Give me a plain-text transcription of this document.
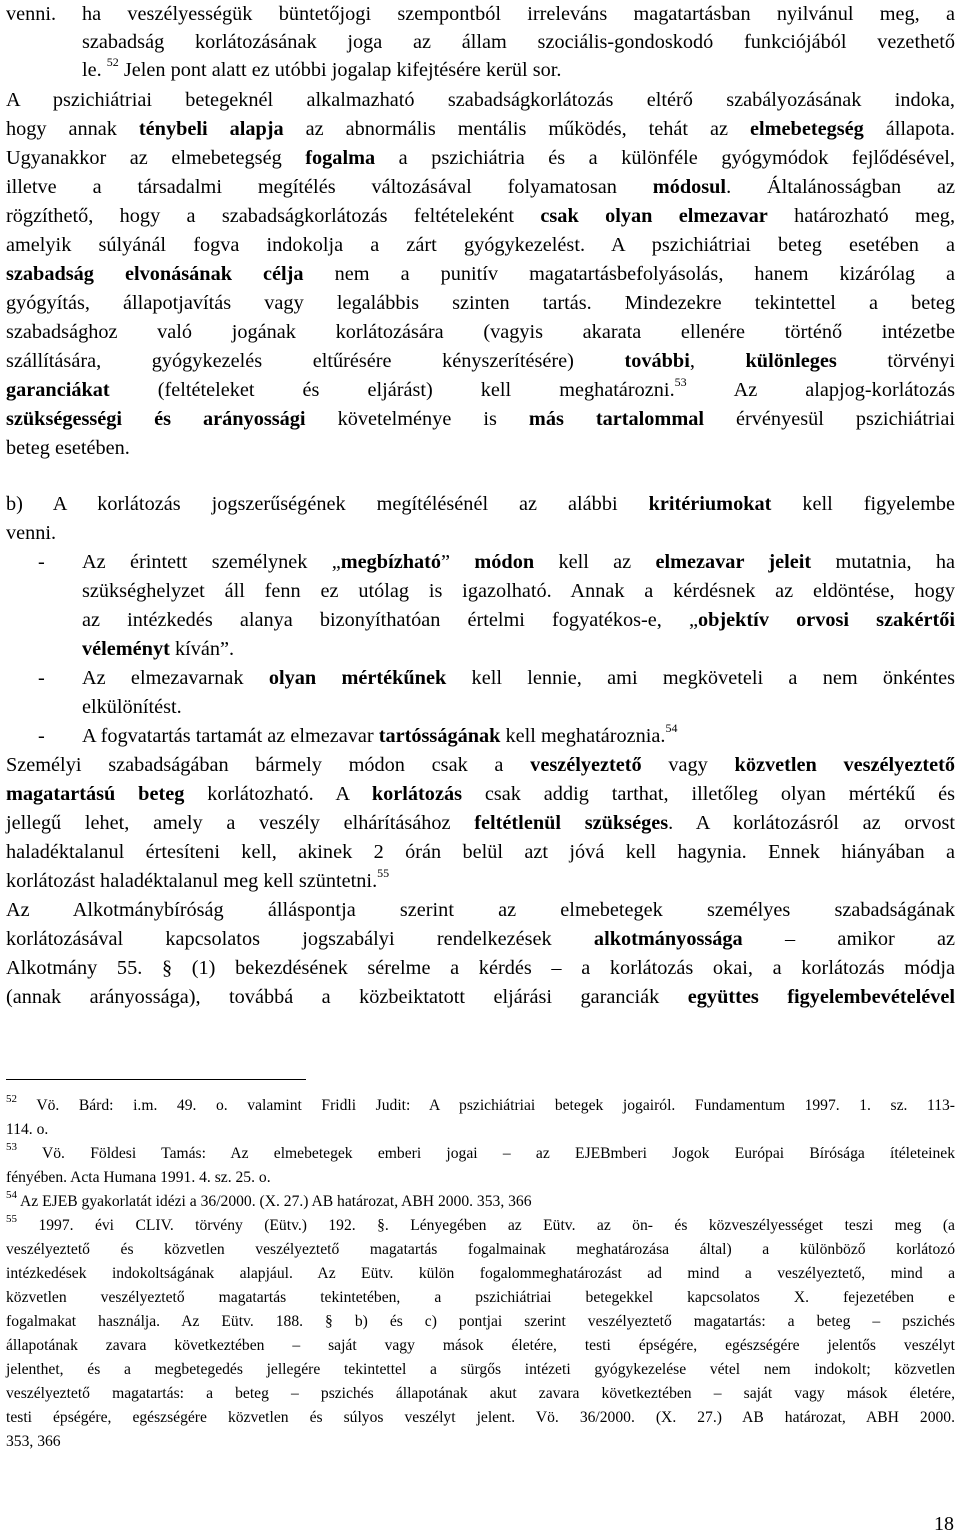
venni. ha veszélyességük büntetőjogi szempontból irreleváns magatartásban nyilvánul meg, a
szabadság korlátozásának joga az állam szociális-gondoskodó funkciójából vezethető
le. $^{52}$ Jelen pont alatt ez utóbbi jogalap kifejtésére kerül sor.
A pszichiátriai betegeknél alkalmazható szabadságkorlátozás eltérő szabályozásának indoka,
hogy annak ténybeli alapja az abnormális mentális működés, tehát az elmebetegség állapota.
Ugyanakkor az elmebetegség fogalma a pszichiátria és a különféle gyógymódok fejlődésével,
illetve a társadalmi megítélés változásával folyamatosan módosul. Általánosságban az
rögzíthető, hogy a szabadságkorlátozás feltételeként csak olyan elmezavar határozható meg,
amelyik súlyánál fogva indokolja a zárt gyógykezelést. A pszichiátriai beteg esetében a
szabadság elvonásának célja nem a punitív magatartásbefolyásolás, hanem kizárólag a
gyógyítás, állapotjavítás vagy legalábbis szinten tartás. Mindezekre tekintettel a beteg
szabadsághoz való jogának korlátozására (vagyis akarata ellenére történő intézetbe
szállítására, gyógykezelés eltűrésére kényszerítésére) további, különleges törvényi
garanciákat (feltételeket és eljárást) kell meghatározni.$^{53}$ Az alapjog-korlátozás
szükségességi és arányossági követelménye is más tartalommal érvényesül pszichiátriai
beteg esetében.
b) A korlátozás jogszerűségének megítélésénél az alábbi kritériumokat kell figyelembe
venni.
-	Az érintett személynek „megbízható” módon kell az elmezavar jeleit mutatnia, ha
szükséghelyzet áll fenn ez utólag is igazolható. Annak a kérdésnek az eldöntése, hogy
az intézkedés alanya bizonyíthatóan értelmi fogyatékos-e, „objektív orvosi szakértői
véleményt kíván”.
-	Az elmezavarnak olyan mértékűnek kell lennie, ami megköveteli a nem önkéntes
elkülönítést.
-	A fogvatartás tartamát az elmezavar tartósságának kell meghatároznia.$^{54}$
Személyi szabadságában bármely módon csak a veszélyeztető vagy közvetlen veszélyeztető
magatartású beteg korlátozható. A korlátozás csak addig tarthat, illetőleg olyan mértékű és
jellegű lehet, amely a veszély elhárításához feltétlenül szükséges. A korlátozásról az orvost
haladéktalanul értesíteni kell, akinek 2 órán belül azt jóvá kell hagynia. Ennek hiányában a
korlátozást haladéktalanul meg kell szüntetni.$^{55}$
Az Alkotmánybíróság álláspontja szerint az elmebetegek személyes szabadságának
korlátozásával kapcsolatos jogszabályi rendelkezések alkotmányossága – amikor az
Alkotmány 55. § (1) bekezdésének sérelme a kérdés – a korlátozás okai, a korlátozás módja
(annak arányossága), továbbá a közbeiktatott eljárási garanciák együttes figyelembevételével
$^{52}$ Vö. Bárd: i.m. 49. o. valamint Fridli Judit: A pszichiátriai betegek jogairól. Fundamentum 1997. 1. sz. 113-
114. o.
$^{53}$ Vö. Földesi Tamás: Az elmebetegek emberi jogai – az EJEBmberi Jogok Európai Bírósága ítéleteinek
fényében. Acta Humana 1991. 4. sz. 25. o.
$^{54}$ Az EJEB gyakorlatát idézi a 36/2000. (X. 27.) AB határozat, ABH 2000. 353, 366
$^{55}$ 1997. évi CLIV. törvény (Eütv.) 192. §. Lényegében az Eütv. az ön- és közveszélyességet teszi meg (a
veszélyeztető és közvetlen veszélyeztető magatartás fogalmainak meghatározása által) a különböző korlátozó
intézkedések indokoltságának alapjául. Az Eütv. külön fogalommeghatározást ad mind a veszélyeztető, mind a
közvetlen veszélyeztető magatartás tekintetében, a pszichiátriai betegekkel kapcsolatos X. fejezetében e
fogalmakat használja. Az Eütv. 188. § b) és c) pontjai szerint veszélyeztető magatartás: a beteg – pszichés
állapotának zavara következtében – saját vagy mások életére, testi épségére, egészségére jelentős veszélyt
jelenthet, és a megbetegedés jellegére tekintettel a sürgős intézeti gyógykezelése vétel nem indokolt; közvetlen
veszélyeztető magatartás: a beteg – pszichés állapotának akut zavara következtében – saját vagy mások életére,
testi épségére, egészségére közvetlen és súlyos veszélyt jelent. Vö. 36/2000. (X. 27.) AB határozat, ABH 2000.
353, 366
18
